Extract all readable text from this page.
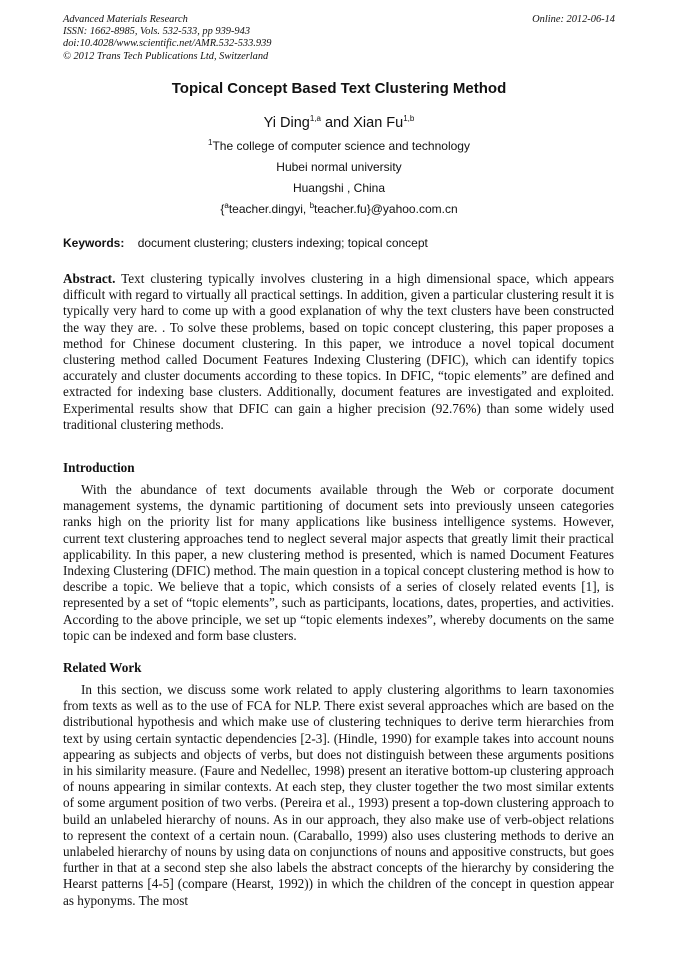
Advanced Materials Research
ISSN: 1662-8985, Vols. 532-533, pp 939-943
doi:10.4028/www.scientific.net/AMR.532-533.939
© 2012 Trans Tech Publications Ltd, Switzerland
Online: 2012-06-14
Topical Concept Based Text Clustering Method
Yi Ding$^{1,a}$ and Xian Fu$^{1,b}$
$^1$The college of computer science and technology
Hubei normal university
Huangshi , China
{$^a$teacher.dingyi, $^b$teacher.fu}@yahoo.com.cn
Keywords: document clustering; clusters indexing; topical concept
Abstract. Text clustering typically involves clustering in a high dimensional space, which appears difficult with regard to virtually all practical settings. In addition, given a particular clustering result it is typically very hard to come up with a good explanation of why the text clusters have been constructed the way they are. . To solve these problems, based on topic concept clustering, this paper proposes a method for Chinese document clustering. In this paper, we introduce a novel topical document clustering method called Document Features Indexing Clustering (DFIC), which can identify topics accurately and cluster documents according to these topics. In DFIC, “topic elements” are defined and extracted for indexing base clusters. Additionally, document features are investigated and exploited. Experimental results show that DFIC can gain a higher precision (92.76%) than some widely used traditional clustering methods.
Introduction
With the abundance of text documents available through the Web or corporate document management systems, the dynamic partitioning of document sets into previously unseen categories ranks high on the priority list for many applications like business intelligence systems. However, current text clustering approaches tend to neglect several major aspects that greatly limit their practical applicability. In this paper, a new clustering method is presented, which is named Document Features Indexing Clustering (DFIC) method. The main question in a topical concept clustering method is how to describe a topic. We believe that a topic, which consists of a series of closely related events [1], is represented by a set of “topic elements”, such as participants, locations, dates, properties, and activities. According to the above principle, we set up “topic elements indexes”, whereby documents on the same topic can be indexed and form base clusters.
Related Work
In this section, we discuss some work related to apply clustering algorithms to learn taxonomies from texts as well as to the use of FCA for NLP. There exist several approaches which are based on the distributional hypothesis and which make use of clustering techniques to derive term hierarchies from text by using certain syntactic dependencies [2-3]. (Hindle, 1990) for example takes into account nouns appearing as subjects and objects of verbs, but does not distinguish between these arguments positions in his similarity measure. (Faure and Nedellec, 1998) present an iterative bottom-up clustering approach of nouns appearing in similar contexts. At each step, they cluster together the two most similar extents of some argument position of two verbs. (Pereira et al., 1993) present a top-down clustering approach to build an unlabeled hierarchy of nouns. As in our approach, they also make use of verb-object relations to represent the context of a certain noun. (Caraballo, 1999) also uses clustering methods to derive an unlabeled hierarchy of nouns by using data on conjunctions of nouns and appositive constructs, but goes further in that at a second step she also labels the abstract concepts of the hierarchy by considering the Hearst patterns [4-5] (compare (Hearst, 1992)) in which the children of the concept in question appear as hyponyms. The most
